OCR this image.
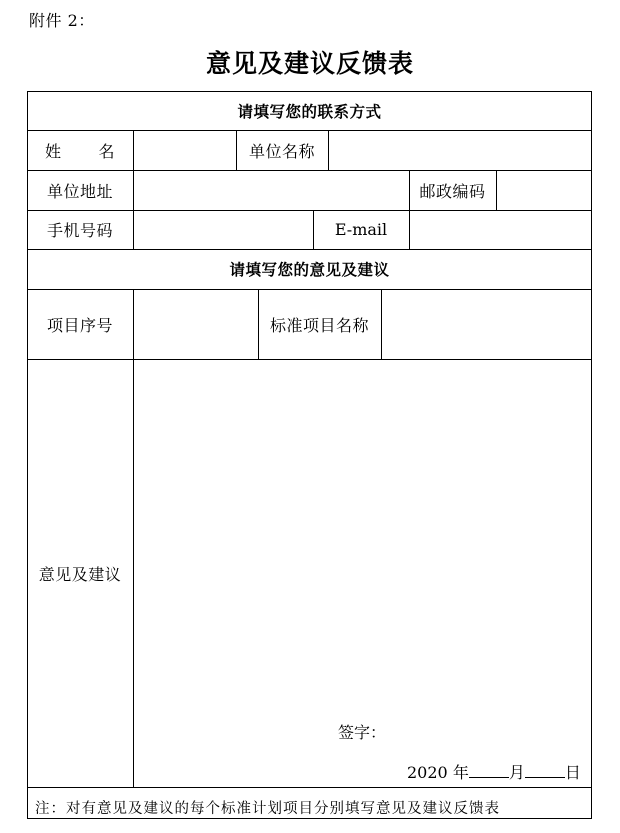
附件 2：
意见及建议反馈表
请填写您的联系方式
姓 名	单位名称
单位地址	邮政编码
手机号码	E-mail
请填写您的意见及建议
项目序号	标准项目名称
意见及建议
签字：
2020 年	月	日
注：对有意见及建议的每个标准计划项目分别填写意见及建议反馈表
